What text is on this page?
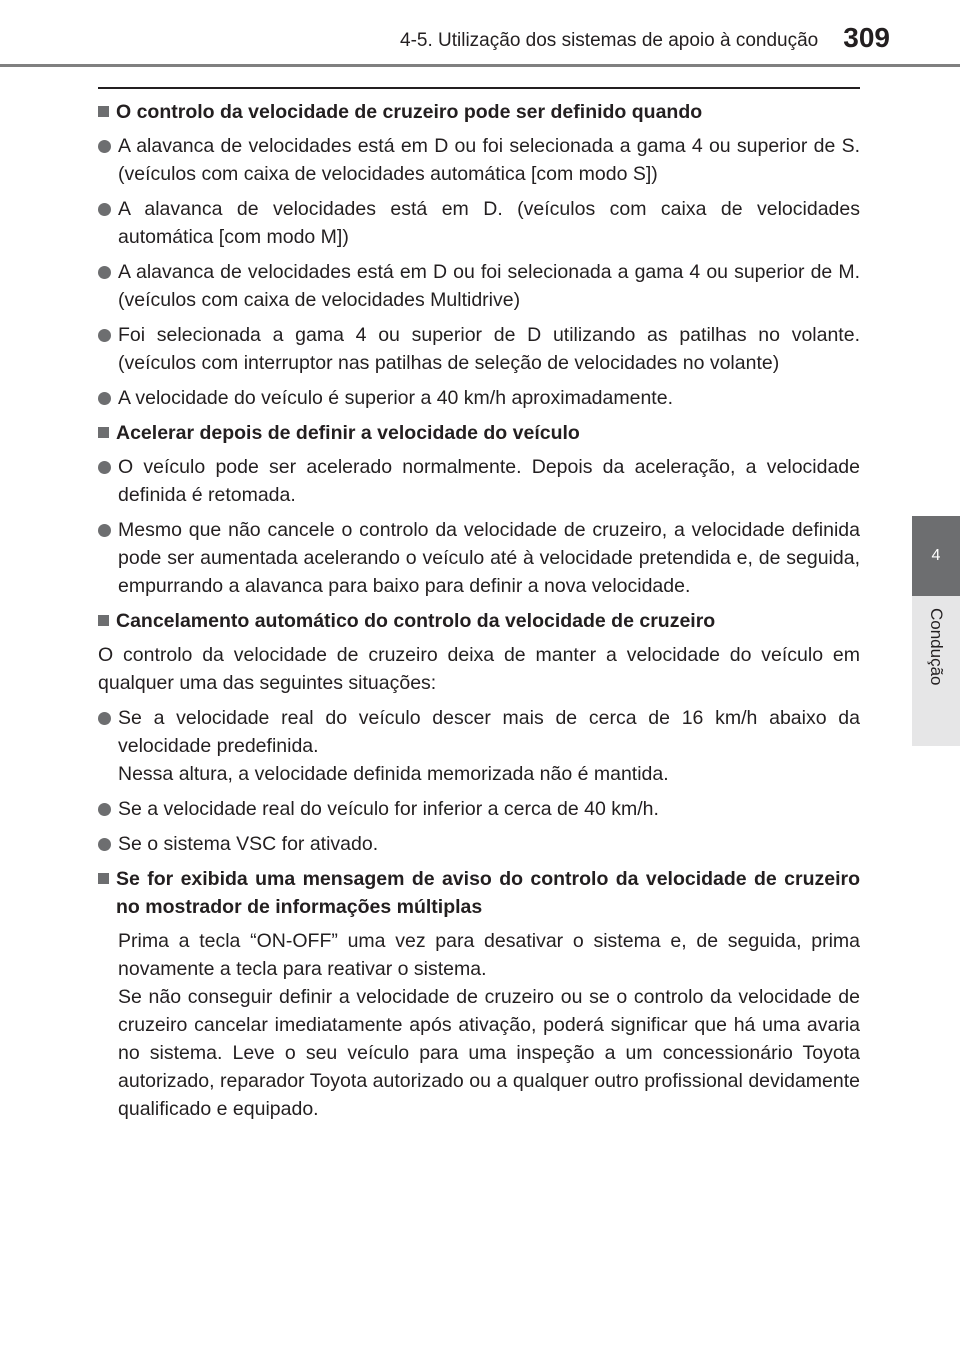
4-5. Utilização dos sistemas de apoio à condução 309
4
Condução
O controlo da velocidade de cruzeiro pode ser definido quando
A alavanca de velocidades está em D ou foi selecionada a gama 4 ou superior de S. (veículos com caixa de velocidades automática [com modo S])
A alavanca de velocidades está em D. (veículos com caixa de velocidades automática [com modo M])
A alavanca de velocidades está em D ou foi selecionada a gama 4 ou superior de M. (veículos com caixa de velocidades Multidrive)
Foi selecionada a gama 4 ou superior de D utilizando as patilhas no volante. (veículos com interruptor nas patilhas de seleção de velocidades no volante)
A velocidade do veículo é superior a 40 km/h aproximadamente.
Acelerar depois de definir a velocidade do veículo
O veículo pode ser acelerado normalmente. Depois da aceleração, a velocidade definida é retomada.
Mesmo que não cancele o controlo da velocidade de cruzeiro, a velocidade definida pode ser aumentada acelerando o veículo até à velocidade pretendida e, de seguida, empurrando a alavanca para baixo para definir a nova velocidade.
Cancelamento automático do controlo da velocidade de cruzeiro
O controlo da velocidade de cruzeiro deixa de manter a velocidade do veículo em qualquer uma das seguintes situações:
Se a velocidade real do veículo descer mais de cerca de 16 km/h abaixo da velocidade predefinida.
Nessa altura, a velocidade definida memorizada não é mantida.
Se a velocidade real do veículo for inferior a cerca de 40 km/h.
Se o sistema VSC for ativado.
Se for exibida uma mensagem de aviso do controlo da velocidade de cruzeiro no mostrador de informações múltiplas
Prima a tecla “ON-OFF” uma vez para desativar o sistema e, de seguida, prima novamente a tecla para reativar o sistema.
Se não conseguir definir a velocidade de cruzeiro ou se o controlo da velocidade de cruzeiro cancelar imediatamente após ativação, poderá significar que há uma avaria no sistema. Leve o seu veículo para uma inspeção a um concessionário Toyota autorizado, reparador Toyota autorizado ou a qualquer outro profissional devidamente qualificado e equipado.
